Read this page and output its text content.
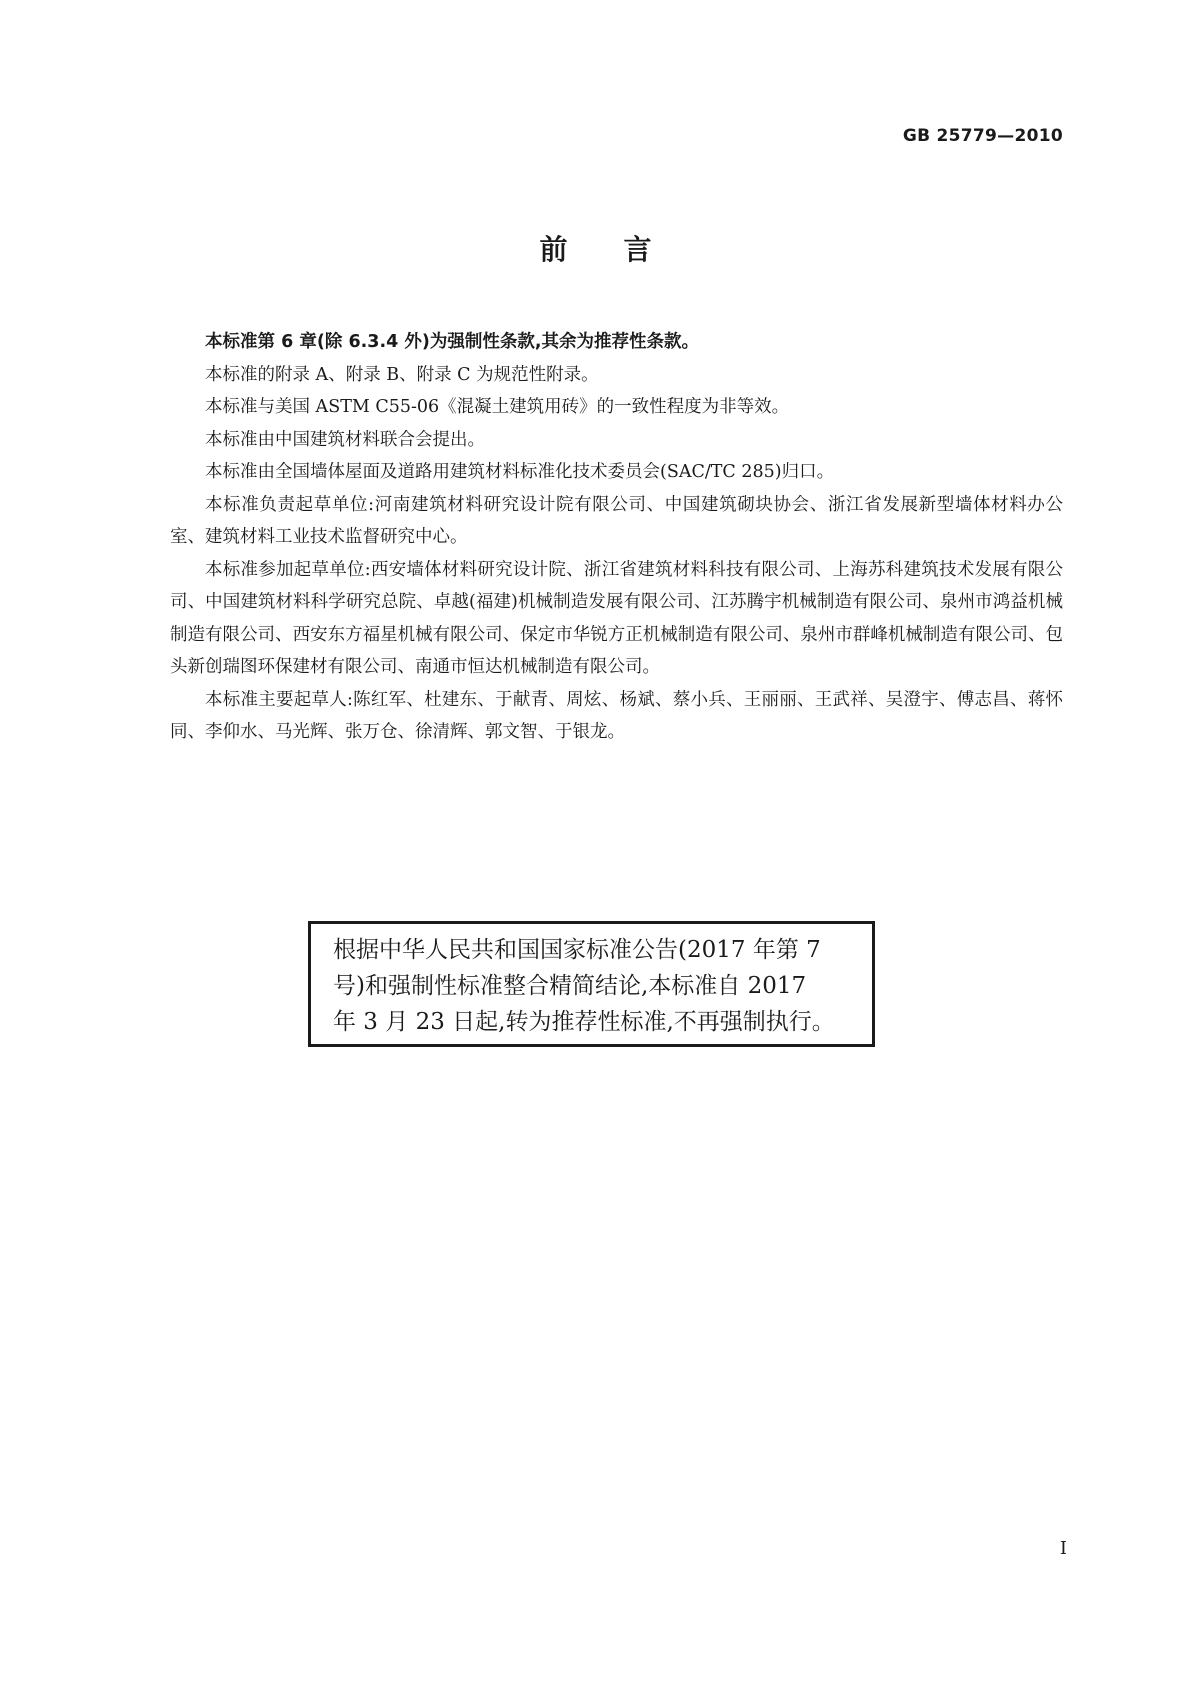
GB 25779—2010
前言

本标准第 6 章(除 6.3.4 外)为强制性条款,其余为推荐性条款。

本标准的附录 A、附录 B、附录 C 为规范性附录。

本标准与美国 ASTM C55-06《混凝土建筑用砖》的一致性程度为非等效。

本标准由中国建筑材料联合会提出。

本标准由全国墙体屋面及道路用建筑材料标准化技术委员会(SAC/TC 285)归口。

本标准负责起草单位:河南建筑材料研究设计院有限公司、中国建筑砌块协会、浙江省发展新型墙体材料办公室、建筑材料工业技术监督研究中心。

本标准参加起草单位:西安墙体材料研究设计院、浙江省建筑材料科技有限公司、上海苏科建筑技术发展有限公司、中国建筑材料科学研究总院、卓越(福建)机械制造发展有限公司、江苏腾宇机械制造有限公司、泉州市鸿益机械制造有限公司、西安东方福星机械有限公司、保定市华锐方正机械制造有限公司、泉州市群峰机械制造有限公司、包头新创瑞图环保建材有限公司、南通市恒达机械制造有限公司。

本标准主要起草人:陈红军、杜建东、于献青、周炫、杨斌、蔡小兵、王丽丽、王武祥、吴澄宇、傅志昌、蒋怀同、李仰水、马光辉、张万仓、徐清辉、郭文智、于银龙。

根据中华人民共和国国家标准公告(2017 年第 7

号)和强制性标准整合精简结论,本标准自 2017

年 3 月 23 日起,转为推荐性标准,不再强制执行。

I
